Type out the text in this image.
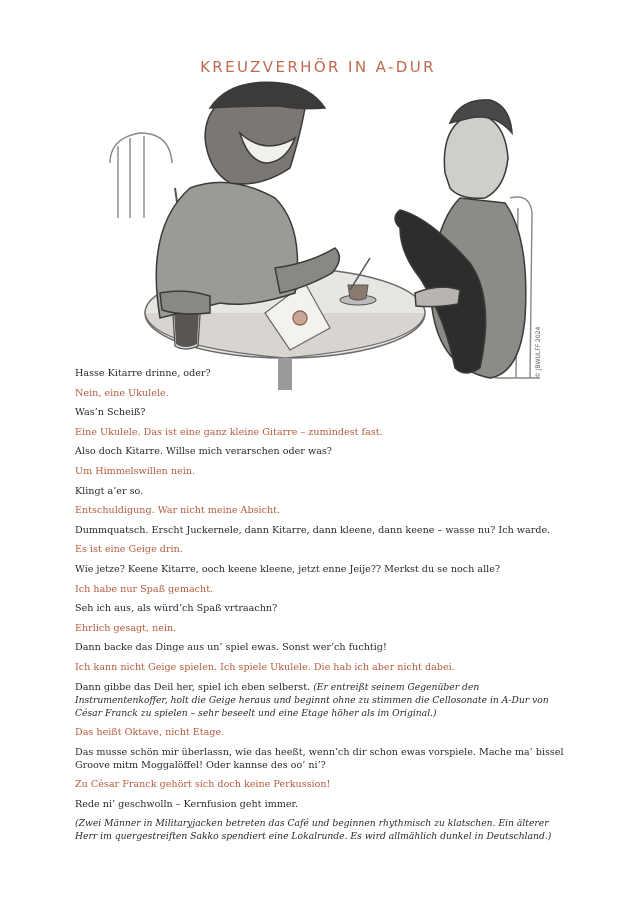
KREUZVERHÖR IN A-DUR
© JBWULFF 2024

Hasse Kitarre drinne, oder?

Nein, eine Ukulele.

Was’n Scheiß?

Eine Ukulele. Das ist eine ganz kleine Gitarre – zumindest fast.

Also doch Kitarre. Willse mich verarschen oder was?

Um Himmelswillen nein.

Klingt a’er so.

Entschuldigung. War nicht meine Absicht.

Dummquatsch. Erscht Juckernele, dann Kitarre, dann kleene, dann keene – wasse nu? Ich warde.

Es ist eine Geige drin.

Wie jetze? Keene Kitarre, ooch keene kleene, jetzt enne Jeije?? Merkst du se noch alle?

Ich habe nur Spaß gemacht.

Seh ich aus, als würd’ch Spaß vrtraachn?

Ehrlich gesagt, nein.

Dann backe das Dinge aus un’ spiel ewas. Sonst wer’ch fuchtig!

Ich kann nicht Geige spielen. Ich spiele Ukulele. Die hab ich aber nicht dabei.

Dann gibbe das Deil her, spiel ich eben selberst. (Er entreißt seinem Gegenüber den Instrumentenkoffer, holt die Geige heraus und beginnt ohne zu stimmen die Cellosonate in A-Dur von César Franck zu spielen – sehr beseelt und eine Etage höher als im Original.)

Das heißt Oktave, nicht Etage.

Das musse schön mir überlassn, wie das heeßt, wenn’ch dir schon ewas vorspiele. Mache ma’ bissel Groove mitm Moggalöffel! Oder kannse des oo’ ni’?

Zu César Franck gehört sich doch keine Perkussion!

Rede ni’ geschwolln – Kernfusion geht immer.

(Zwei Männer in Militaryjacken betreten das Café und beginnen rhythmisch zu klatschen. Ein älterer Herr im quergestreiften Sakko spendiert eine Lokalrunde. Es wird allmählich dunkel in Deutschland.)
